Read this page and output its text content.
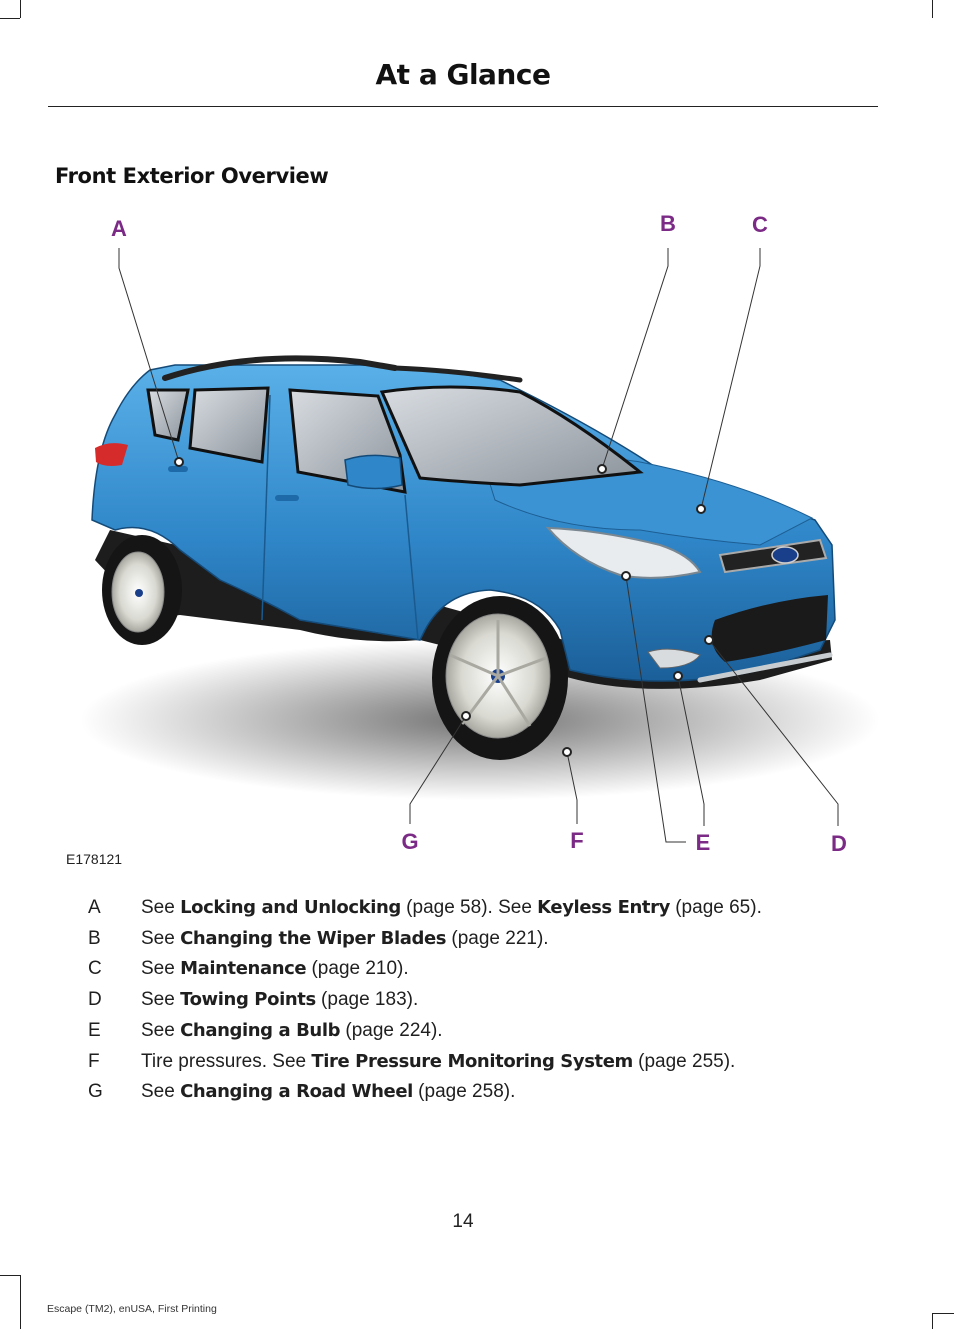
At a Glance
Front Exterior Overview
A	B	C
D
E
F
G
E178121
A See Locking and Unlocking (page 58). See Keyless Entry (page 65).
B See Changing the Wiper Blades (page 221).
C See Maintenance (page 210).
D See Towing Points (page 183).
E See Changing a Bulb (page 224).
F Tire pressures. See Tire Pressure Monitoring System (page 255).
G See Changing a Road Wheel (page 258).
14
Escape (TM2), enUSA, First Printing
